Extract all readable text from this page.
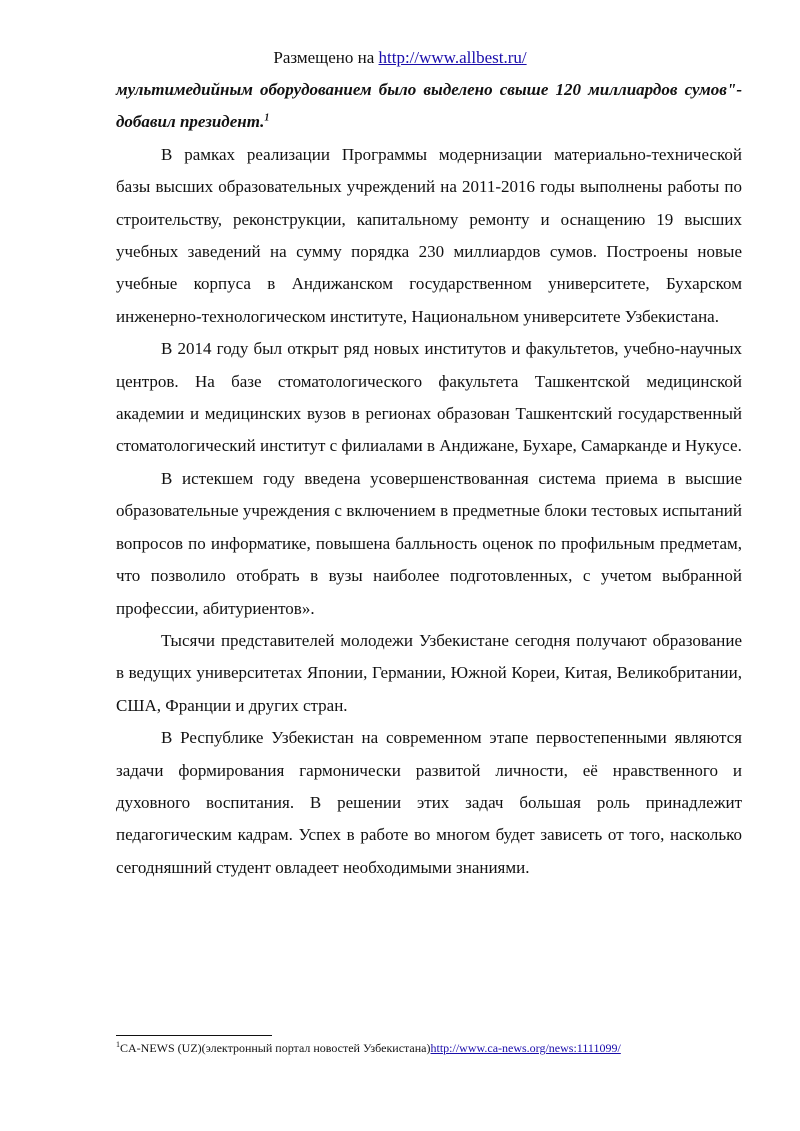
Размещено на http://www.allbest.ru/

мультимедийным оборудованием было выделено свыше 120 миллиардов сумов"- добавил президент.$^1$

В рамках реализации Программы модернизации материально-технической базы высших образовательных учреждений на 2011-2016 годы выполнены работы по строительству, реконструкции, капитальному ремонту и оснащению 19 высших учебных заведений на сумму порядка 230 миллиардов сумов. Построены новые учебные корпуса в Андижанском государственном университете, Бухарском инженерно-технологическом институте, Национальном университете Узбекистана.

В 2014 году был открыт ряд новых институтов и факультетов, учебно-научных центров. На базе стоматологического факультета Ташкентской медицинской академии и медицинских вузов в регионах образован Ташкентский государственный стоматологический институт с филиалами в Андижане, Бухаре, Самарканде и Нукусе.

В истекшем году введена усовершенствованная система приема в высшие образовательные учреждения с включением в предметные блоки тестовых испытаний вопросов по информатике, повышена балльность оценок по профильным предметам, что позволило отобрать в вузы наиболее подготовленных, с учетом выбранной профессии, абитуриентов».

Тысячи представителей молодежи Узбекистане сегодня получают образование в ведущих университетах Японии, Германии, Южной Кореи, Китая, Великобритании, США, Франции и других стран.

В Республике Узбекистан на современном этапе первостепенными являются задачи формирования гармонически развитой личности, её нравственного и духовного воспитания. В решении этих задач большая роль принадлежит педагогическим кадрам. Успех в работе во многом будет зависеть от того, насколько сегодняшний студент овладеет необходимыми знаниями.

$^1$CA-NEWS (UZ)(электронный портал новостей Узбекистана)http://www.ca-news.org/news:1111099/
